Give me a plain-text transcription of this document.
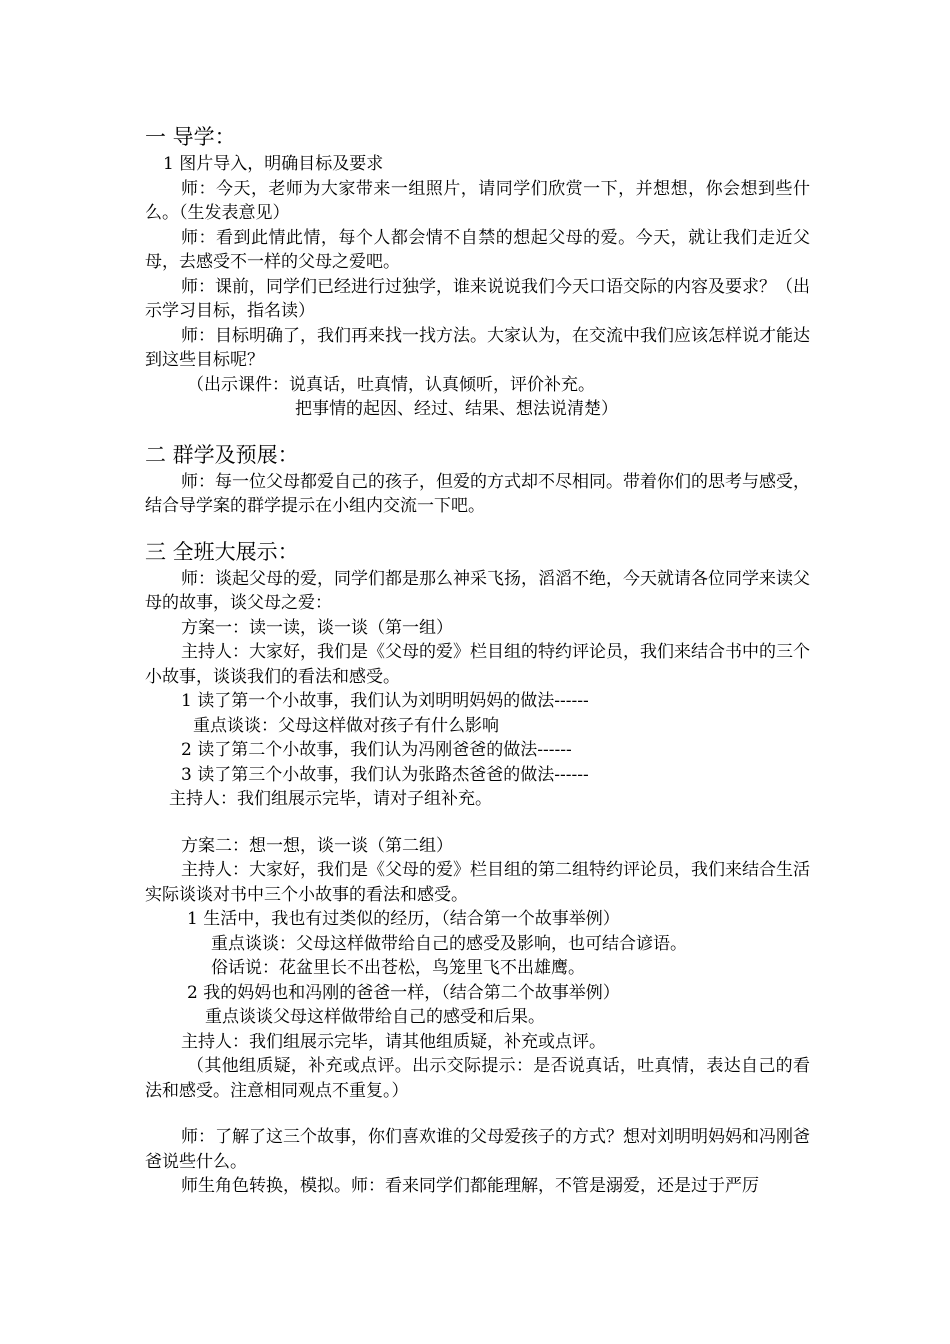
一 导学：

1 图片导入，明确目标及要求

师：今天，老师为大家带来一组照片，请同学们欣赏一下，并想想，你会想到些什么。（生发表意见）

师：看到此情此情，每个人都会情不自禁的想起父母的爱。今天，就让我们走近父母，去感受不一样的父母之爱吧。

师：课前，同学们已经进行过独学，谁来说说我们今天口语交际的内容及要求？（出示学习目标，指名读）

师：目标明确了，我们再来找一找方法。大家认为，在交流中我们应该怎样说才能达到这些目标呢？

（出示课件：说真话，吐真情，认真倾听，评价补充。

把事情的起因、经过、结果、想法说清楚）

二 群学及预展：

师：每一位父母都爱自己的孩子，但爱的方式却不尽相同。带着你们的思考与感受，结合导学案的群学提示在小组内交流一下吧。

三 全班大展示：

师：谈起父母的爱，同学们都是那么神采飞扬，滔滔不绝，今天就请各位同学来读父母的故事，谈父母之爱：

方案一：读一读，谈一谈（第一组）

主持人：大家好，我们是《父母的爱》栏目组的特约评论员，我们来结合书中的三个小故事，谈谈我们的看法和感受。

1 读了第一个小故事，我们认为刘明明妈妈的做法------

重点谈谈：父母这样做对孩子有什么影响

2 读了第二个小故事，我们认为冯刚爸爸的做法------

3 读了第三个小故事，我们认为张路杰爸爸的做法------

主持人：我们组展示完毕，请对子组补充。

方案二：想一想，谈一谈（第二组）

主持人：大家好，我们是《父母的爱》栏目组的第二组特约评论员，我们来结合生活实际谈谈对书中三个小故事的看法和感受。

1 生活中，我也有过类似的经历，（结合第一个故事举例）

重点谈谈：父母这样做带给自己的感受及影响，也可结合谚语。

俗话说：花盆里长不出苍松，鸟笼里飞不出雄鹰。

2 我的妈妈也和冯刚的爸爸一样，（结合第二个故事举例）

重点谈谈父母这样做带给自己的感受和后果。

主持人：我们组展示完毕，请其他组质疑，补充或点评。

（其他组质疑，补充或点评。出示交际提示：是否说真话，吐真情，表达自己的看法和感受。注意相同观点不重复。）

师：了解了这三个故事，你们喜欢谁的父母爱孩子的方式？想对刘明明妈妈和冯刚爸爸说些什么。

师生角色转换，模拟。师：看来同学们都能理解，不管是溺爱，还是过于严厉
